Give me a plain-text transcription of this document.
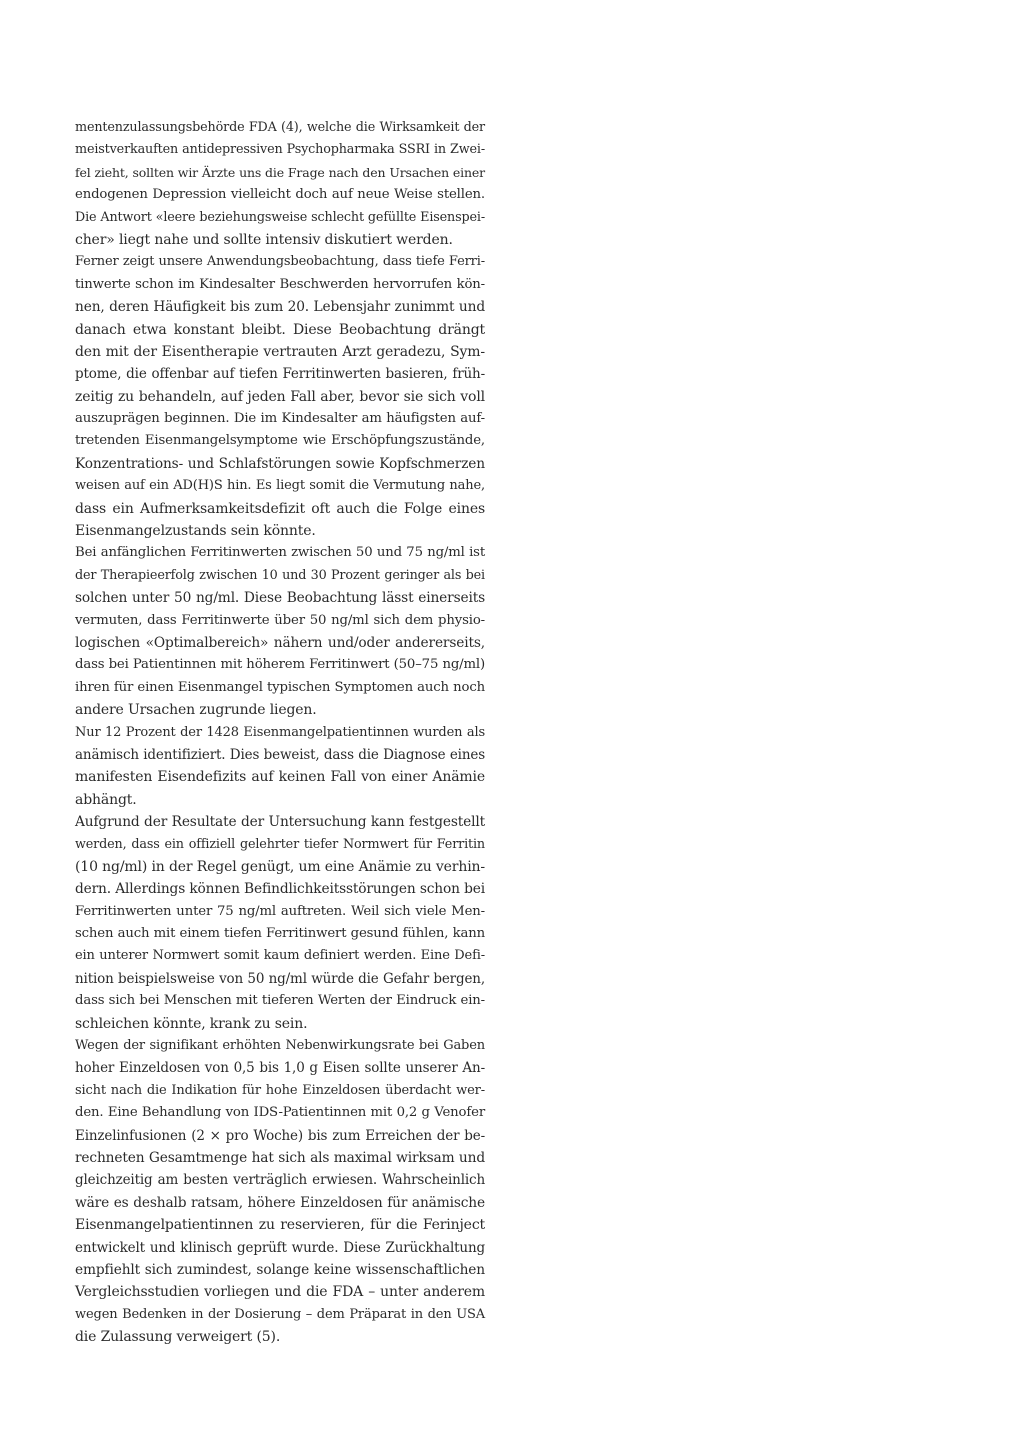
mentenzulassungsbehörde FDA (4), welche die Wirksamkeit der
meistverkauften antidepressiven Psychopharmaka SSRI in Zwei-
fel zieht, sollten wir Ärzte uns die Frage nach den Ursachen einer
endogenen Depression vielleicht doch auf neue Weise stellen.
Die Antwort «leere beziehungsweise schlecht gefüllte Eisenspei-
cher» liegt nahe und sollte intensiv diskutiert werden.
Ferner zeigt unsere Anwendungsbeobachtung, dass tiefe Ferri-
tinwerte schon im Kindesalter Beschwerden hervorrufen kön-
nen, deren Häufigkeit bis zum 20. Lebensjahr zunimmt und
danach etwa konstant bleibt. Diese Beobachtung drängt
den mit der Eisentherapie vertrauten Arzt geradezu, Sym-
ptome, die offenbar auf tiefen Ferritinwerten basieren, früh-
zeitig zu behandeln, auf jeden Fall aber, bevor sie sich voll
auszuprägen beginnen. Die im Kindesalter am häufigsten auf-
tretenden Eisenmangelsymptome wie Erschöpfungszustände,
Konzentrations- und Schlafstörungen sowie Kopfschmerzen
weisen auf ein AD(H)S hin. Es liegt somit die Vermutung nahe,
dass ein Aufmerksamkeitsdefizit oft auch die Folge eines
Eisenmangelzustands sein könnte.
Bei anfänglichen Ferritinwerten zwischen 50 und 75 ng/ml ist
der Therapieerfolg zwischen 10 und 30 Prozent geringer als bei
solchen unter 50 ng/ml. Diese Beobachtung lässt einerseits
vermuten, dass Ferritinwerte über 50 ng/ml sich dem physio-
logischen «Optimalbereich» nähern und/oder andererseits,
dass bei Patientinnen mit höherem Ferritinwert (50–75 ng/ml)
ihren für einen Eisenmangel typischen Symptomen auch noch
andere Ursachen zugrunde liegen.
Nur 12 Prozent der 1428 Eisenmangelpatientinnen wurden als
anämisch identifiziert. Dies beweist, dass die Diagnose eines
manifesten Eisendefizits auf keinen Fall von einer Anämie
abhängt.
Aufgrund der Resultate der Untersuchung kann festgestellt
werden, dass ein offiziell gelehrter tiefer Normwert für Ferritin
(10 ng/ml) in der Regel genügt, um eine Anämie zu verhin-
dern. Allerdings können Befindlichkeitsstörungen schon bei
Ferritinwerten unter 75 ng/ml auftreten. Weil sich viele Men-
schen auch mit einem tiefen Ferritinwert gesund fühlen, kann
ein unterer Normwert somit kaum definiert werden. Eine Defi-
nition beispielsweise von 50 ng/ml würde die Gefahr bergen,
dass sich bei Menschen mit tieferen Werten der Eindruck ein-
schleichen könnte, krank zu sein.
Wegen der signifikant erhöhten Nebenwirkungsrate bei Gaben
hoher Einzeldosen von 0,5 bis 1,0 g Eisen sollte unserer An-
sicht nach die Indikation für hohe Einzeldosen überdacht wer-
den. Eine Behandlung von IDS-Patientinnen mit 0,2 g Venofer
Einzelinfusionen (2 × pro Woche) bis zum Erreichen der be-
rechneten Gesamtmenge hat sich als maximal wirksam und
gleichzeitig am besten verträglich erwiesen. Wahrscheinlich
wäre es deshalb ratsam, höhere Einzeldosen für anämische
Eisenmangelpatientinnen zu reservieren, für die Ferinject
entwickelt und klinisch geprüft wurde. Diese Zurückhaltung
empfiehlt sich zumindest, solange keine wissenschaftlichen
Vergleichsstudien vorliegen und die FDA – unter anderem
wegen Bedenken in der Dosierung – dem Präparat in den USA
die Zulassung verweigert (5).
